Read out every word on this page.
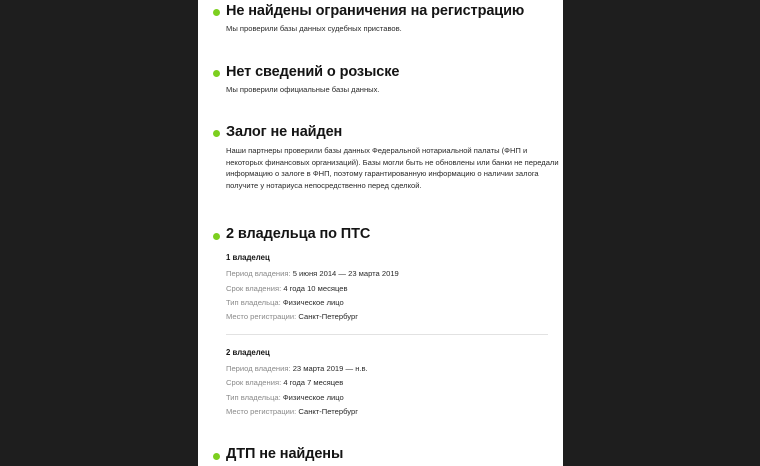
Не найдены ограничения на регистрацию
Мы проверили базы данных судебных приставов.
Нет сведений о розыске
Мы проверили официальные базы данных.
Залог не найден
Наши партнеры проверили базы данных Федеральной нотариальной палаты (ФНП и некоторых финансовых организаций). Базы могли быть не обновлены или банки не передали информацию о залоге в ФНП, поэтому гарантированную информацию о наличии залога получите у нотариуса непосредственно перед сделкой.
2 владельца по ПТС
1 владелец
Период владения: 5 июня 2014 — 23 марта 2019
Срок владения: 4 года 10 месяцев
Тип владельца: Физическое лицо
Место регистрации: Санкт-Петербург
2 владелец
Период владения: 23 марта 2019 — н.в.
Срок владения: 4 года 7 месяцев
Тип владельца: Физическое лицо
Место регистрации: Санкт-Петербург
ДТП не найдены
